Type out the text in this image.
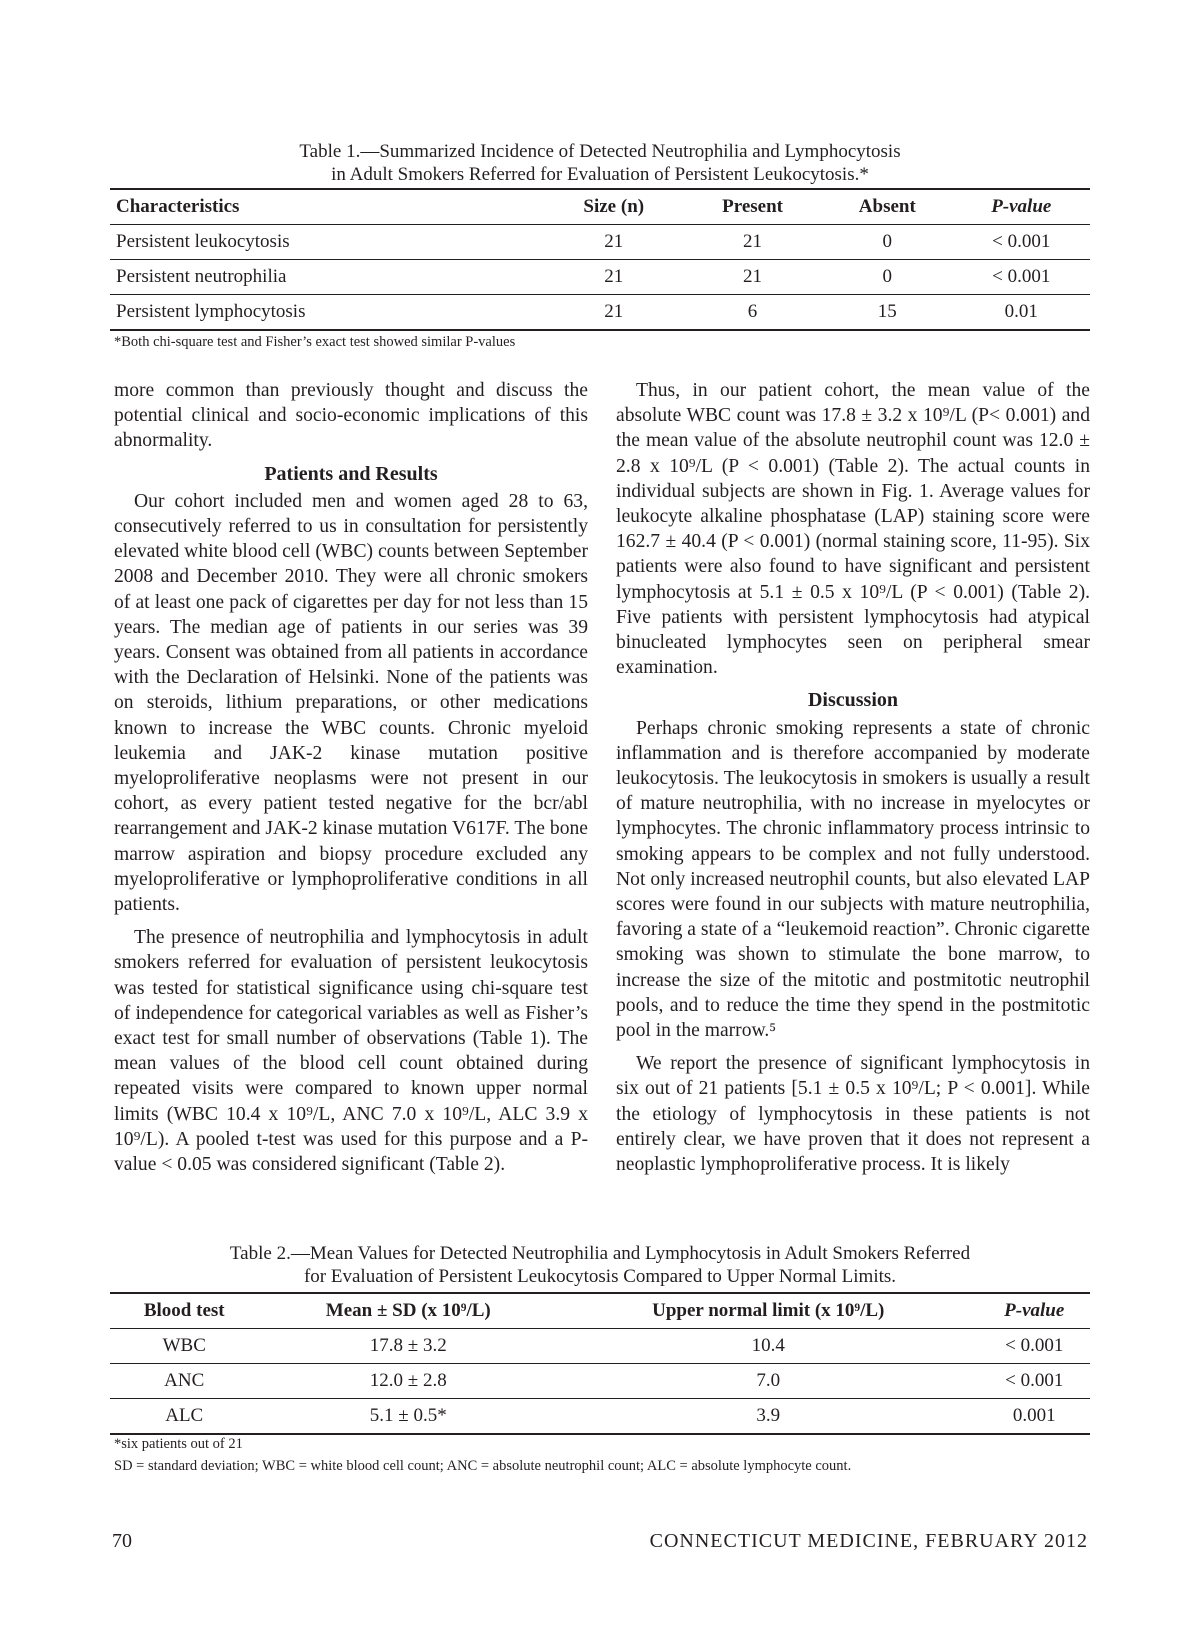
Table 1.—Summarized Incidence of Detected Neutrophilia and Lymphocytosis
in Adult Smokers Referred for Evaluation of Persistent Leukocytosis.*
Characteristics	Size (n)	Present	Absent	P-value
Persistent leukocytosis	21	21	0	< 0.001
Persistent neutrophilia	21	21	0	< 0.001
Persistent lymphocytosis	21	6	15	0.01
*Both chi-square test and Fisher’s exact test showed similar P-values

more common than previously thought and discuss the potential clinical and socio-economic implications of this abnormality.

Patients and Results

Our cohort included men and women aged 28 to 63, consecutively referred to us in consultation for persistently elevated white blood cell (WBC) counts between September 2008 and December 2010. They were all chronic smokers of at least one pack of cigarettes per day for not less than 15 years. The median age of patients in our series was 39 years. Consent was obtained from all patients in accordance with the Declaration of Helsinki. None of the patients was on steroids, lithium preparations, or other medications known to increase the WBC counts. Chronic myeloid leukemia and JAK-2 kinase mutation positive myeloproliferative neoplasms were not present in our cohort, as every patient tested negative for the bcr/abl rearrangement and JAK-2 kinase mutation V617F. The bone marrow aspiration and biopsy procedure excluded any myeloproliferative or lymphoproliferative conditions in all patients.

The presence of neutrophilia and lymphocytosis in adult smokers referred for evaluation of persistent leukocytosis was tested for statistical significance using chi-square test of independence for categorical variables as well as Fisher’s exact test for small number of observations (Table 1). The mean values of the blood cell count obtained during repeated visits were compared to known upper normal limits (WBC 10.4 x 10⁹/L, ANC 7.0 x 10⁹/L, ALC 3.9 x 10⁹/L). A pooled t-test was used for this purpose and a P-value < 0.05 was considered significant (Table 2).

Thus, in our patient cohort, the mean value of the absolute WBC count was 17.8 ± 3.2 x 10⁹/L (P< 0.001) and the mean value of the absolute neutrophil count was 12.0 ± 2.8 x 10⁹/L (P < 0.001) (Table 2). The actual counts in individual subjects are shown in Fig. 1. Average values for leukocyte alkaline phosphatase (LAP) staining score were 162.7 ± 40.4 (P < 0.001) (normal staining score, 11-95). Six patients were also found to have significant and persistent lymphocytosis at 5.1 ± 0.5 x 10⁹/L (P < 0.001) (Table 2). Five patients with persistent lymphocytosis had atypical binucleated lymphocytes seen on peripheral smear examination.

Discussion

Perhaps chronic smoking represents a state of chronic inflammation and is therefore accompanied by moderate leukocytosis. The leukocytosis in smokers is usually a result of mature neutrophilia, with no increase in myelocytes or lymphocytes. The chronic inflammatory process intrinsic to smoking appears to be complex and not fully understood. Not only increased neutrophil counts, but also elevated LAP scores were found in our subjects with mature neutrophilia, favoring a state of a “leukemoid reaction”. Chronic cigarette smoking was shown to stimulate the bone marrow, to increase the size of the mitotic and postmitotic neutrophil pools, and to reduce the time they spend in the postmitotic pool in the marrow.⁵

We report the presence of significant lymphocytosis in six out of 21 patients [5.1 ± 0.5 x 10⁹/L; P < 0.001]. While the etiology of lymphocytosis in these patients is not entirely clear, we have proven that it does not represent a neoplastic lymphoproliferative process. It is likely

Table 2.—Mean Values for Detected Neutrophilia and Lymphocytosis in Adult Smokers Referred
for Evaluation of Persistent Leukocytosis Compared to Upper Normal Limits.
Blood test	Mean ± SD (x 10⁹/L)	Upper normal limit (x 10⁹/L)	P-value
WBC	17.8 ± 3.2	10.4	< 0.001
ANC	12.0 ± 2.8	7.0	< 0.001
ALC	5.1 ± 0.5*	3.9	0.001
*six patients out of 21
SD = standard deviation; WBC = white blood cell count; ANC = absolute neutrophil count; ALC = absolute lymphocyte count.
70	CONNECTICUT MEDICINE, FEBRUARY 2012
